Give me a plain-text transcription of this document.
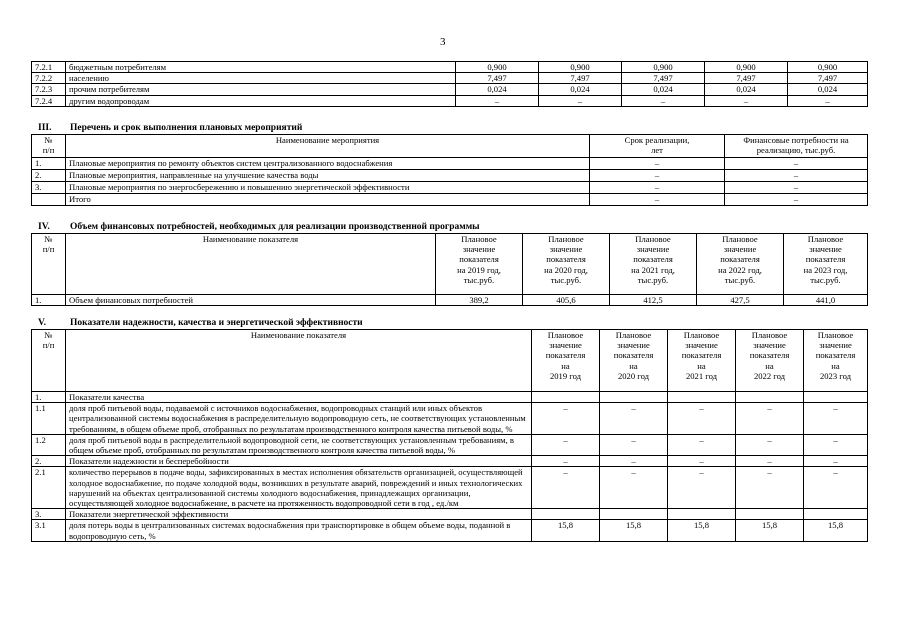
3
7.2.1	бюджетным потребителям	0,900	0,900	0,900	0,900	0,900
7.2.2	населению	7,497	7,497	7,497	7,497	7,497
7.2.3	прочим потребителям	0,024	0,024	0,024	0,024	0,024
7.2.4	другим водопроводам	–	–	–	–	–
III. Перечень и срок выполнения плановых мероприятий
№
п/п	Наименование мероприятия	Срок реализации,
лет	Финансовые потребности на
реализацию, тыс.руб.
1.	Плановые мероприятия по ремонту объектов систем централизованного водоснабжения	–	–
2.	Плановые мероприятия, направленные на улучшение качества воды	–	–
3.	Плановые мероприятия по энергосбережению и повышению энергетической эффективности	–	–
	Итого	–	–
IV. Объем финансовых потребностей, необходимых для реализации производственной программы
№
п/п	Наименование показателя	Плановое
значение
показателя
на 2019 год,
тыс.руб.	Плановое
значение
показателя
на 2020 год,
тыс.руб.	Плановое
значение
показателя
на 2021 год,
тыс.руб.	Плановое
значение
показателя
на 2022 год,
тыс.руб.	Плановое
значение
показателя
на 2023 год,
тыс.руб.
1.	Объем финансовых потребностей	389,2	405,6	412,5	427,5	441,0
V.	Показатели надежности, качества и энергетической эффективности
№
п/п	Наименование показателя	Плановое
значение
показателя
на
2019 год	Плановое
значение
показателя
на
2020 год	Плановое
значение
показателя
на
2021 год	Плановое
значение
показателя
на
2022 год	Плановое
значение
показателя
на
2023 год
1.	Показатели качества					
1.1	доля проб питьевой воды, подаваемой с источников водоснабжения, водопроводных станций или иных объектов централизованной системы водоснабжения в распределительную водопроводную сеть, не соответствующих установленным требованиям, в общем объеме проб, отобранных по результатам производственного контроля качества питьевой воды, %	–	–	–	–	–
1.2	доля проб питьевой воды в распределительной водопроводной сети, не соответствующих установленным требованиям, в общем объеме проб, отобранных по результатам производственного контроля качества питьевой воды, %	–	–	–	–	–
2.	Показатели надежности и бесперебойности	–	–	–	–	–
2.1	количество перерывов в подаче воды, зафиксированных в местах исполнения обязательств организацией, осуществляющей холодное водоснабжение, по подаче холодной воды, возникших в результате аварий, повреждений и иных технологических нарушений на объектах централизованной системы холодного водоснабжения, принадлежащих организации, осуществляющей холодное водоснабжение, в расчете на протяженность водопроводной сети в год , ед./км	–	–	–	–	–
3.	Показатели энергетической эффективности					
3.1	доля потерь воды в централизованных системах водоснабжения при транспортировке в общем объеме воды, поданной в водопроводную сеть, %	15,8	15,8	15,8	15,8	15,8
